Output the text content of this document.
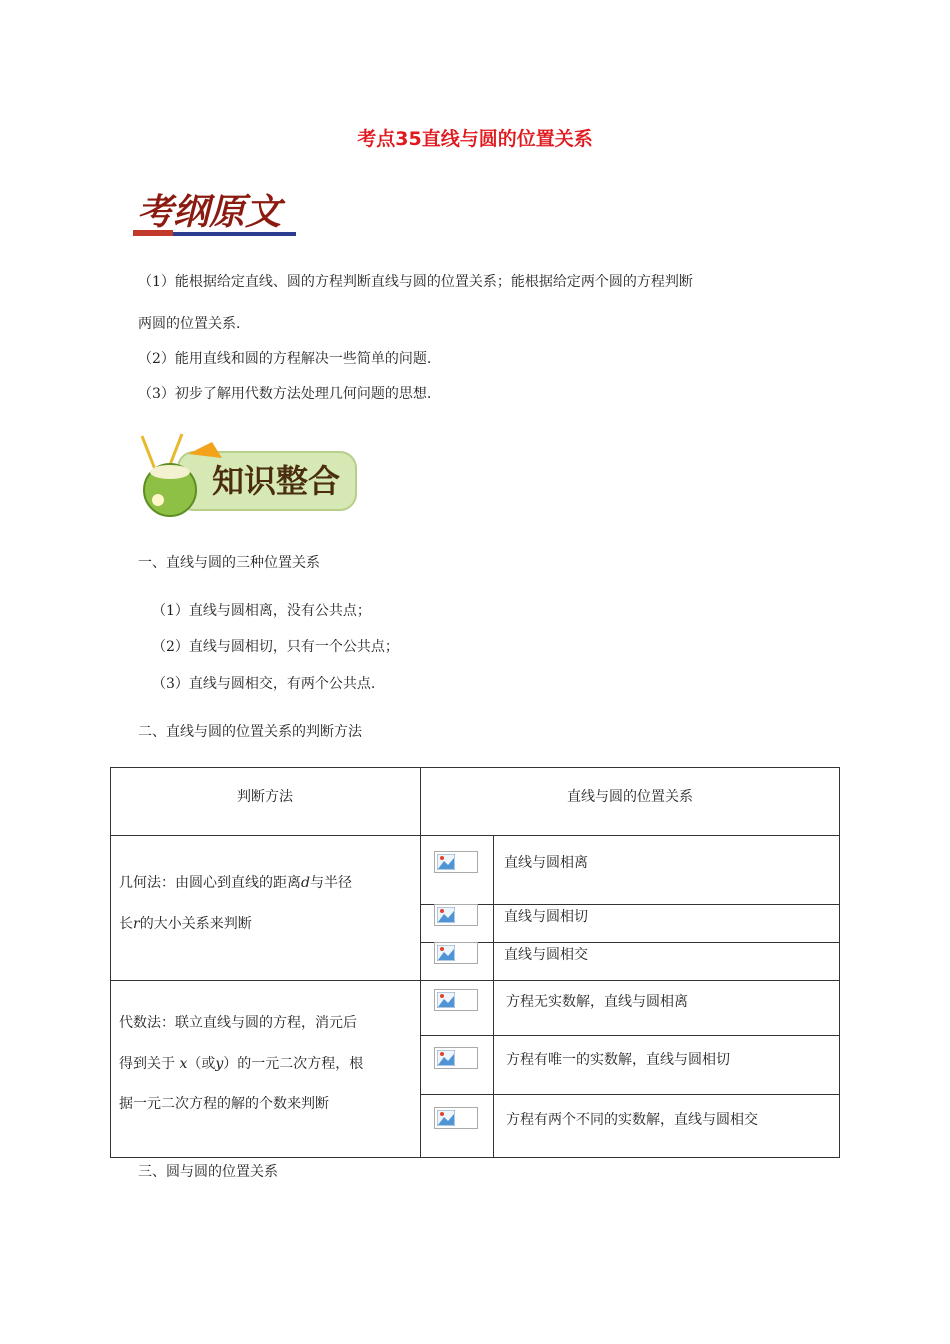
考点35直线与圆的位置关系
考纲原文
（1）能根据给定直线、圆的方程判断直线与圆的位置关系；能根据给定两个圆的方程判断
两圆的位置关系.
（2）能用直线和圆的方程解决一些简单的问题.
（3）初步了解用代数方法处理几何问题的思想.
知识整合
一、直线与圆的三种位置关系
（1）直线与圆相离，没有公共点；
（2）直线与圆相切，只有一个公共点；
（3）直线与圆相交，有两个公共点.
二、直线与圆的位置关系的判断方法
判断方法	直线与圆的位置关系
几何法：由圆心到直线的距离d与半径
长r的大小关系来判断
直线与圆相离
直线与圆相切
直线与圆相交
代数法：联立直线与圆的方程，消元后
得到关于 x（或y）的一元二次方程，根
据一元二次方程的解的个数来判断
方程无实数解，直线与圆相离
方程有唯一的实数解，直线与圆相切
方程有两个不同的实数解，直线与圆相交
三、圆与圆的位置关系
